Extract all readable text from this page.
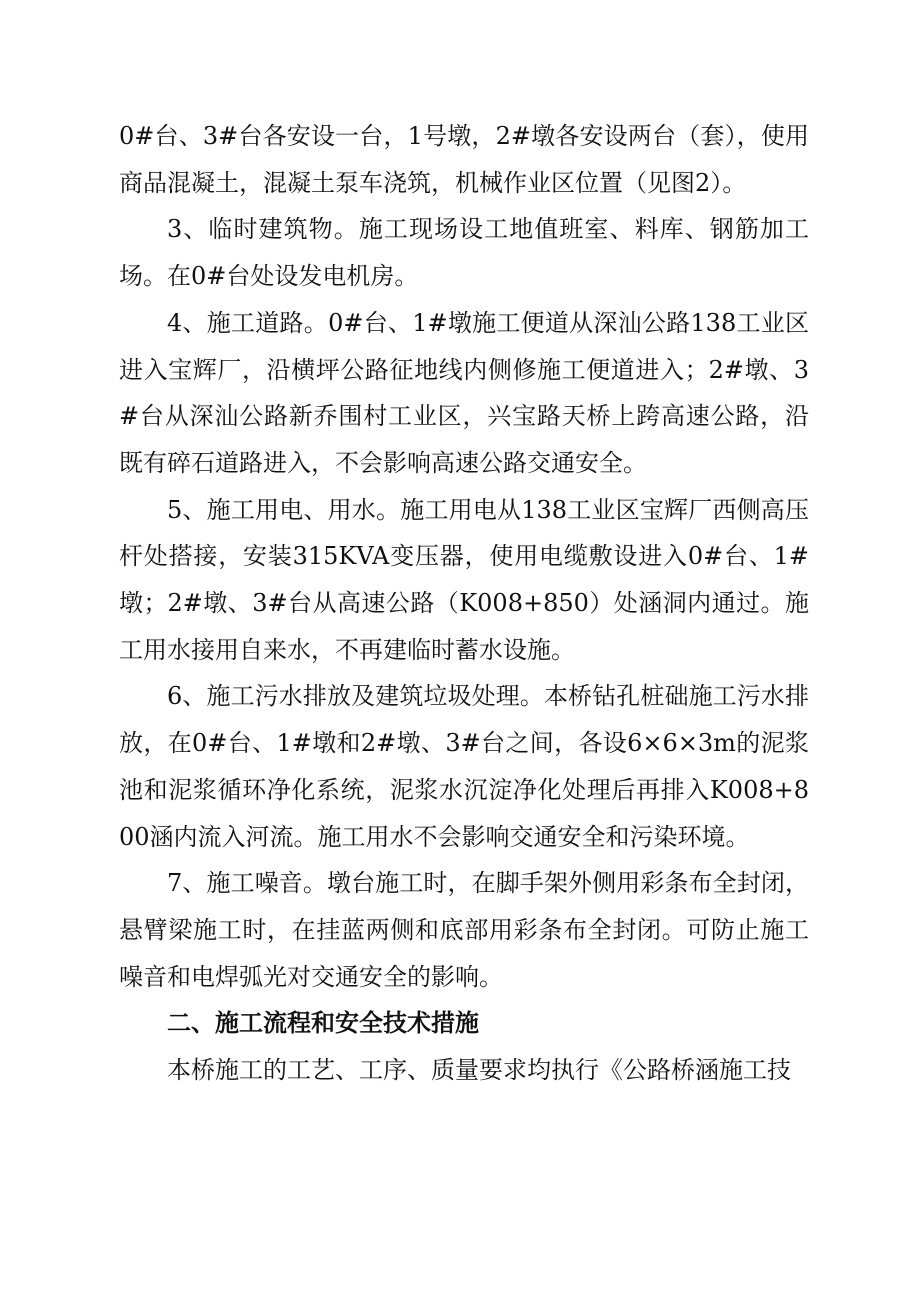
0#台、3#台各安设一台，1号墩，2#墩各安设两台（套），使用商品混凝土，混凝土泵车浇筑，机械作业区位置（见图2）。

3、临时建筑物。施工现场设工地值班室、料库、钢筋加工场。在0#台处设发电机房。

4、施工道路。0#台、1#墩施工便道从深汕公路138工业区进入宝辉厂，沿横坪公路征地线内侧修施工便道进入；2#墩、3#台从深汕公路新乔围村工业区，兴宝路天桥上跨高速公路，沿既有碎石道路进入，不会影响高速公路交通安全。

5、施工用电、用水。施工用电从138工业区宝辉厂西侧高压杆处搭接，安装315KVA变压器，使用电缆敷设进入0#台、1#墩；2#墩、3#台从高速公路（K008+850）处涵洞内通过。施工用水接用自来水，不再建临时蓄水设施。

6、施工污水排放及建筑垃圾处理。本桥钻孔桩础施工污水排放，在0#台、1#墩和2#墩、3#台之间，各设6×6×3m的泥浆池和泥浆循环净化系统，泥浆水沉淀净化处理后再排入K008+800涵内流入河流。施工用水不会影响交通安全和污染环境。

7、施工噪音。墩台施工时，在脚手架外侧用彩条布全封闭，悬臂梁施工时，在挂蓝两侧和底部用彩条布全封闭。可防止施工噪音和电焊弧光对交通安全的影响。

二、施工流程和安全技术措施

本桥施工的工艺、工序、质量要求均执行《公路桥涵施工技
